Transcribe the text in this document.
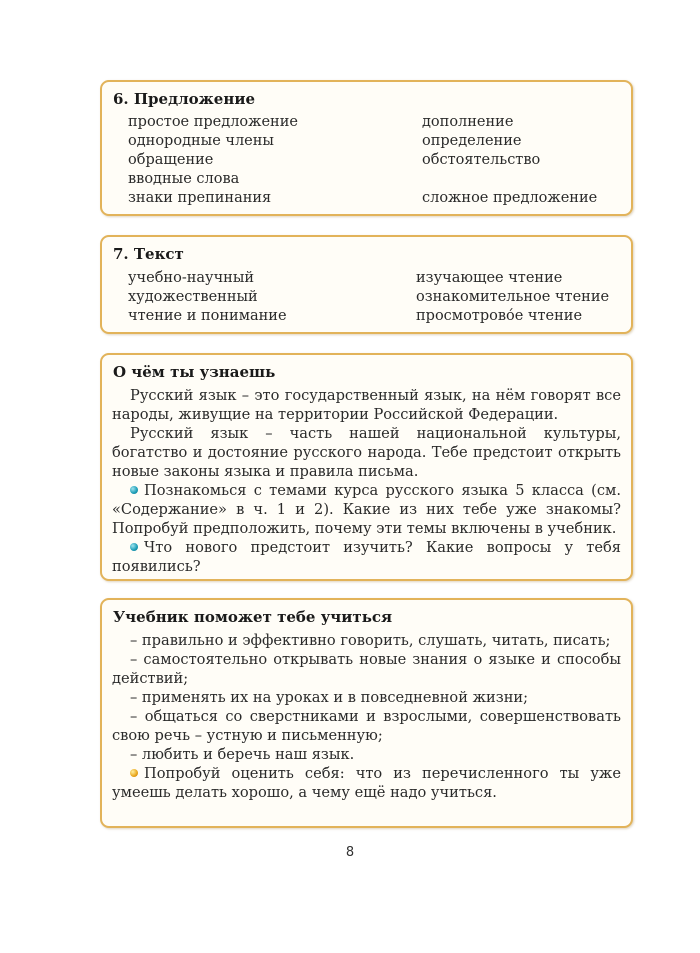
6. Предложение
простое предложение
однородные члены
обращение
вводные слова
знаки препинания
дополнение
определение
обстоятельство
сложное предложение
7. Текст
учебно-научный
художественный
чтение и понимание
изучающее чтение
ознакомительное чтение
просмотрово́е чтение
О чём ты узнаешь

Русский язык – это государственный язык, на нём говорят все народы, живущие на территории Российской Федерации.

Русский язык – часть нашей национальной культуры, богатство и достояние русского народа. Тебе предстоит открыть новые законы языка и правила письма.

Познакомься с темами курса русского языка 5 класса (см. «Содержание» в ч. 1 и 2). Какие из них тебе уже знакомы? Попробуй предположить, почему эти темы включены в учебник.

Что нового предстоит изучить? Какие вопросы у тебя появились?

Учебник поможет тебе учиться

– правильно и эффективно говорить, слушать, читать, писать;

– самостоятельно открывать новые знания о языке и способы действий;

– применять их на уроках и в повседневной жизни;

– общаться со сверстниками и взрослыми, совершенствовать свою речь – устную и письменную;

– любить и беречь наш язык.

Попробуй оценить себя: что из перечисленного ты уже умеешь делать хорошо, а чему ещё надо учиться.

8
